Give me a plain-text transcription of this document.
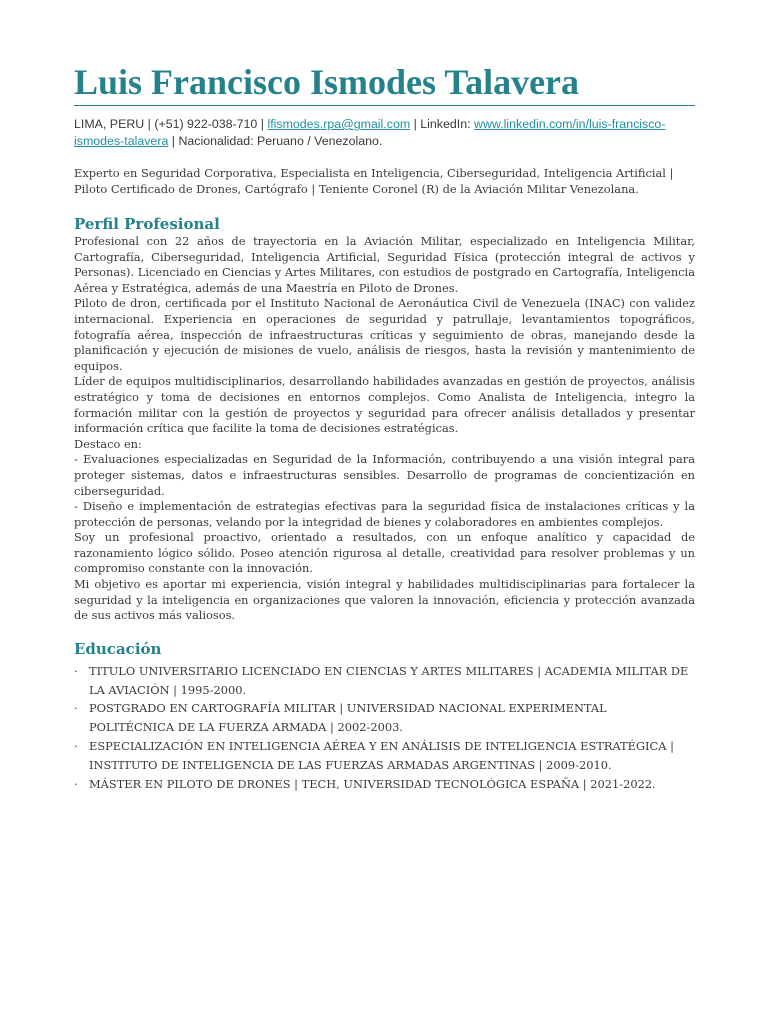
Luis Francisco Ismodes Talavera
LIMA, PERU | (+51) 922-038-710 | lfismodes.rpa@gmail.com | LinkedIn: www.linkedin.com/in/luis-francisco-ismodes-talavera | Nacionalidad: Peruano / Venezolano.
Experto en Seguridad Corporativa, Especialista en Inteligencia, Ciberseguridad, Inteligencia Artificial | Piloto Certificado de Drones, Cartógrafo | Teniente Coronel (R) de la Aviación Militar Venezolana.
Perfil Profesional

Profesional con 22 años de trayectoria en la Aviación Militar, especializado en Inteligencia Militar, Cartografía, Ciberseguridad, Inteligencia Artificial, Seguridad Física (protección integral de activos y Personas). Licenciado en Ciencias y Artes Militares, con estudios de postgrado en Cartografía, Inteligencia Aérea y Estratégica, además de una Maestría en Piloto de Drones.

Piloto de dron, certificada por el Instituto Nacional de Aeronáutica Civil de Venezuela (INAC) con validez internacional. Experiencia en operaciones de seguridad y patrullaje, levantamientos topográficos, fotografía aérea, inspección de infraestructuras críticas y seguimiento de obras, manejando desde la planificación y ejecución de misiones de vuelo, análisis de riesgos, hasta la revisión y mantenimiento de equipos.

Líder de equipos multidisciplinarios, desarrollando habilidades avanzadas en gestión de proyectos, análisis estratégico y toma de decisiones en entornos complejos. Como Analista de Inteligencia, integro la formación militar con la gestión de proyectos y seguridad para ofrecer análisis detallados y presentar información crítica que facilite la toma de decisiones estratégicas.

Destaco en:

- Evaluaciones especializadas en Seguridad de la Información, contribuyendo a una visión integral para proteger sistemas, datos e infraestructuras sensibles. Desarrollo de programas de concientización en ciberseguridad.

- Diseño e implementación de estrategias efectivas para la seguridad física de instalaciones críticas y la protección de personas, velando por la integridad de bienes y colaboradores en ambientes complejos.

Soy un profesional proactivo, orientado a resultados, con un enfoque analítico y capacidad de razonamiento lógico sólido. Poseo atención rigurosa al detalle, creatividad para resolver problemas y un compromiso constante con la innovación.

Mi objetivo es aportar mi experiencia, visión integral y habilidades multidisciplinarias para fortalecer la seguridad y la inteligencia en organizaciones que valoren la innovación, eficiencia y protección avanzada de sus activos más valiosos.

Educación
· TITULO UNIVERSITARIO LICENCIADO EN CIENCIAS Y ARTES MILITARES | ACADEMIA MILITAR DE LA AVIACIÓN | 1995-2000.
· POSTGRADO EN CARTOGRAFÍA MILITAR | UNIVERSIDAD NACIONAL EXPERIMENTAL POLITÉCNICA DE LA FUERZA ARMADA | 2002-2003.
· ESPECIALIZACIÓN EN INTELIGENCIA AÉREA Y EN ANÁLISIS DE INTELIGENCIA ESTRATÉGICA | INSTITUTO DE INTELIGENCIA DE LAS FUERZAS ARMADAS ARGENTINAS | 2009-2010.
· MÁSTER EN PILOTO DE DRONES | TECH, UNIVERSIDAD TECNOLÓGICA ESPAÑA | 2021-2022.
